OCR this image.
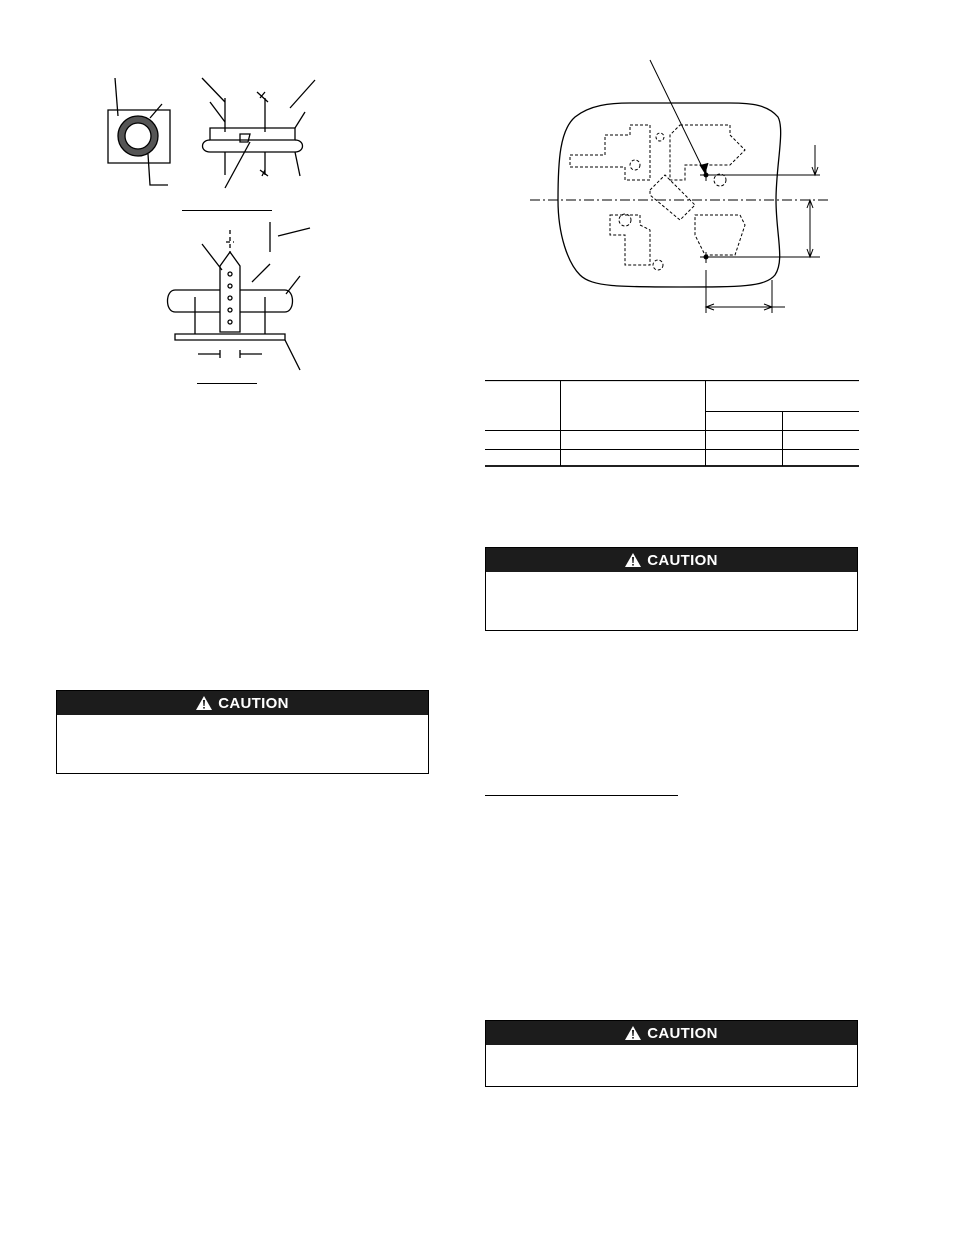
CAUTION
CAUTION
CAUTION
